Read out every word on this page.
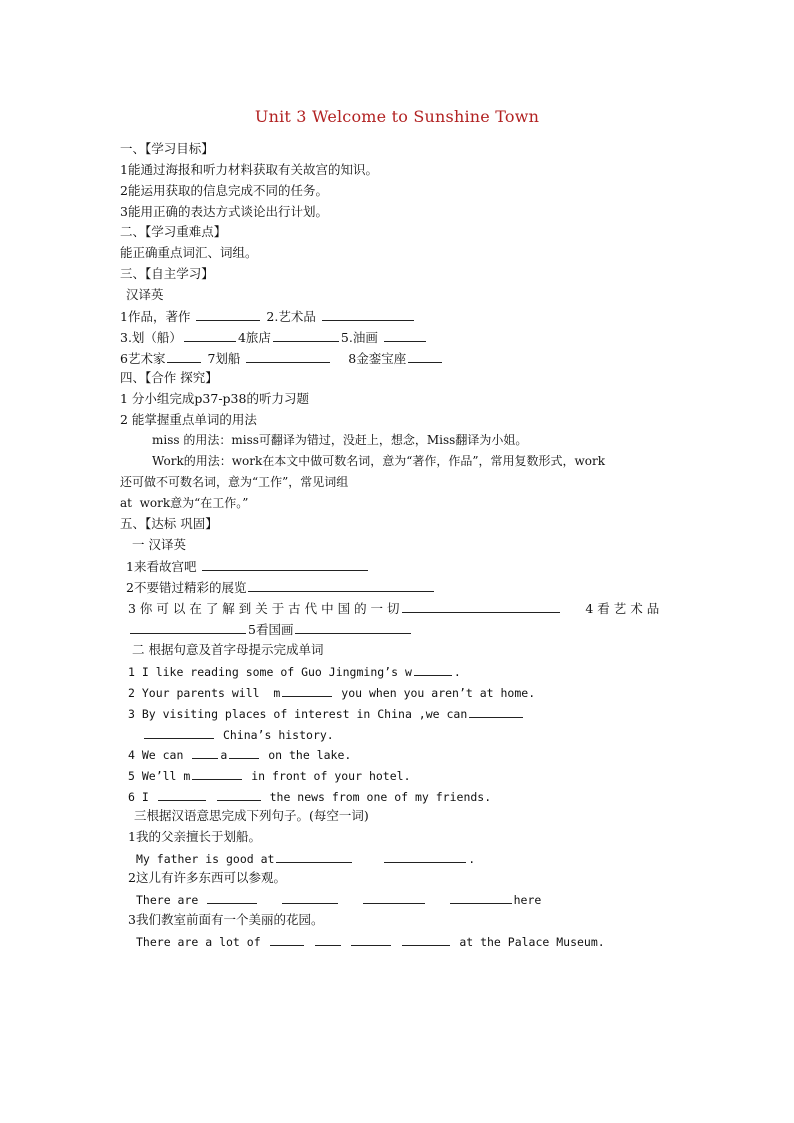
Unit 3 Welcome to Sunshine Town
一、【学习目标】
1能通过海报和听力材料获取有关故宫的知识。
2能运用获取的信息完成不同的任务。
3能用正确的表达方式谈论出行计划。
二、【学习重难点】
能正确重点词汇、词组。
三、【自主学习】
汉译英
1作品，著作	2.艺术品
3.划（船）	4旅店	5.油画
6艺术家	7划船	8金銮宝座
四、【合作 探究】
1 分小组完成p37-p38的听力习题
2 能掌握重点单词的用法
miss 的用法：miss可翻译为错过，没赶上，想念，Miss翻译为小姐。
Work的用法：work在本文中做可数名词，意为“著作，作品”，常用复数形式，work
还可做不可数名词，意为“工作”，常见词组
at  work意为“在工作。”
五、【达标 巩固】
一 汉译英
1来看故宫吧
2不要错过精彩的展览
3 你 可 以 在 了 解 到 关 于 古 代 中 国 的 一 切	4 看 艺 术 品
5看国画
二 根据句意及首字母提示完成单词
1 I like reading some of Guo Jingming’s w	.
2 Your parents will  m	you when you aren’t at home.
3 By visiting places of interest in China ,we can
China’s history.
4 We can	a	on the lake.
5 We’ll m	in front of your hotel.
6 I	the news from one of my friends.
三根据汉语意思完成下列句子。(每空一词)
1我的父亲擅长于划船。
My father is good at	.
2这儿有许多东西可以参观。
There are	here
3我们教室前面有一个美丽的花园。
There are a lot of	at the Palace Museum.
